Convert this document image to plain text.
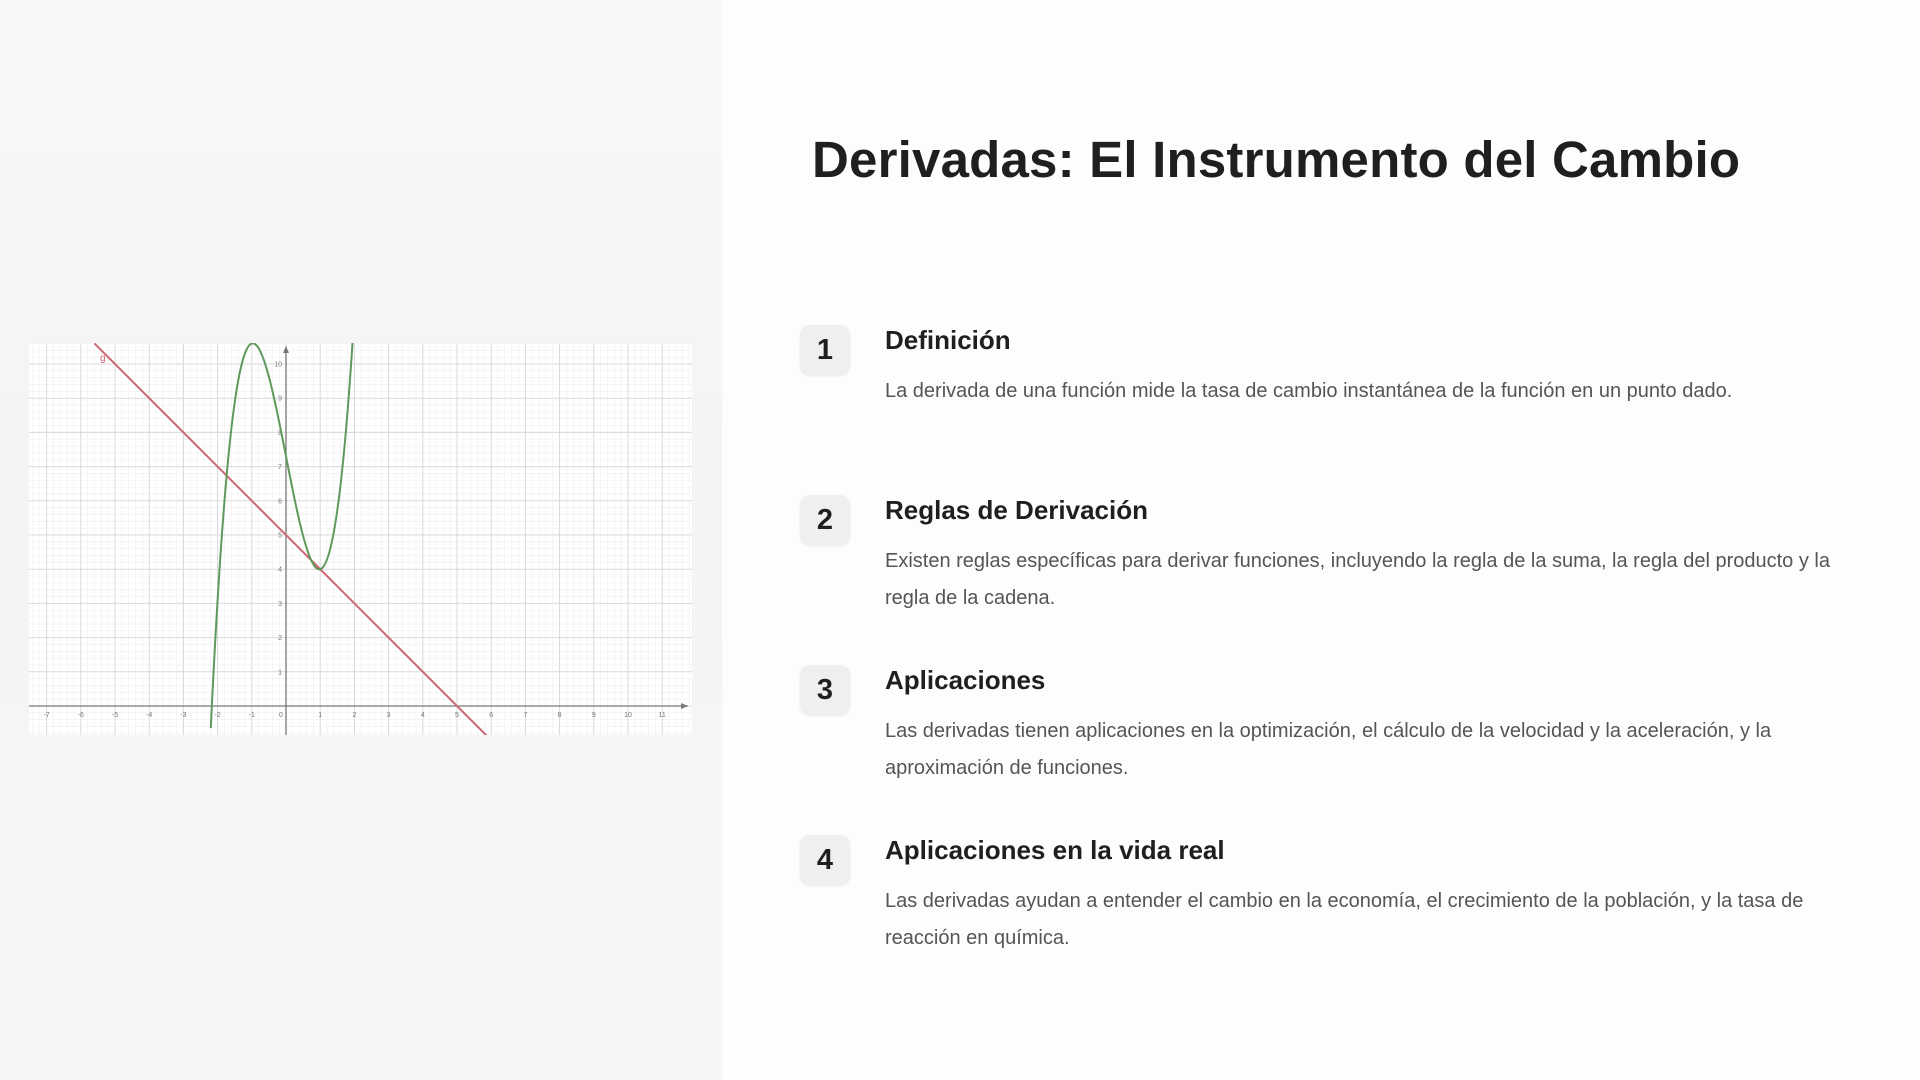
-7	-6	-5	-4	-3	-2	-1	0	1	2	3	4	5	6	7	8	9	10	11
1
2
3
4
5
6
7
8
9
10
g
Derivadas: El Instrumento del Cambio
1	Definición

La derivada de una función mide la tasa de cambio instantánea de la función en un punto dado.

2	Reglas de Derivación

Existen reglas específicas para derivar funciones, incluyendo la regla de la suma, la regla del producto y la regla de la cadena.

3	Aplicaciones

Las derivadas tienen aplicaciones en la optimización, el cálculo de la velocidad y la aceleración, y la aproximación de funciones.

4	Aplicaciones en la vida real

Las derivadas ayudan a entender el cambio en la economía, el crecimiento de la población, y la tasa de reacción en química.
